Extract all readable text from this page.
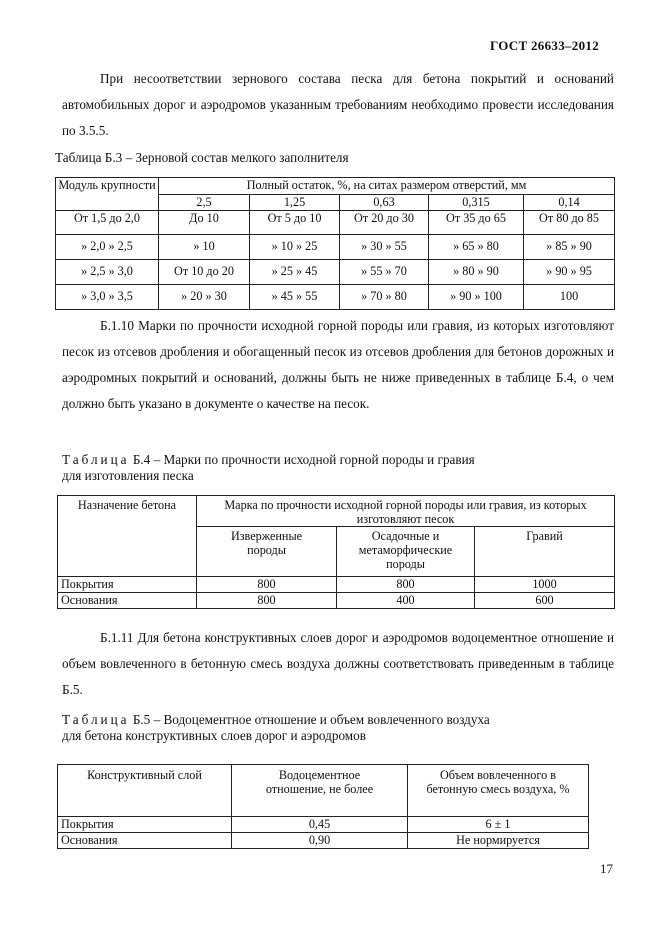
ГОСТ 26633–2012
При несоответствии зернового состава песка для бетона покрытий и оснований автомобильных дорог и аэродромов указанным требованиям необходимо провести исследования по 3.5.5.
Таблица Б.3 – Зерновой состав мелкого заполнителя
Модуль крупности	Полный остаток, %, на ситах размером отверстий, мм				
	2,5	1,25	0,63	0,315	0,14
От 1,5 до 2,0	До 10	От 5 до 10	От 20 до 30	От 35 до 65	От 80 до 85
» 2,0 » 2,5	» 10	» 10 » 25	» 30 » 55	» 65 » 80	» 85 » 90
» 2,5 » 3,0	От 10 до 20	» 25 » 45	» 55 » 70	» 80 » 90	» 90 » 95
» 3,0 » 3,5	» 20 » 30	» 45 » 55	» 70 » 80	» 90 » 100	100
Б.1.10 Марки по прочности исходной горной породы или гравия, из которых изготовляют песок из отсевов дробления и обогащенный песок из отсевов дробления для бетонов дорожных и аэродромных покрытий и оснований, должны быть не ниже приведенных в таблице Б.4, о чем должно быть указано в документе о качестве на песок.
Таблица Б.4 – Марки по прочности исходной горной породы и гравия
для изготовления песка
Назначение бетона	Марка по прочности исходной горной породы или гравия, из которых изготовляют песок		
	Изверженные породы	Осадочные и метаморфические породы	Гравий
Покрытия	800	800	1000
Основания	800	400	600
Б.1.11 Для бетона конструктивных слоев дорог и аэродромов водоцементное отношение и объем вовлеченного в бетонную смесь воздуха должны соответствовать приведенным в таблице Б.5.
Таблица Б.5 – Водоцементное отношение и объем вовлеченного воздуха
для бетона конструктивных слоев дорог и аэродромов
Конструктивный слой	Водоцементное отношение, не более	Объем вовлеченного в бетонную смесь воздуха, %
Покрытия	0,45	6 ± 1
Основания	0,90	Не нормируется
17
